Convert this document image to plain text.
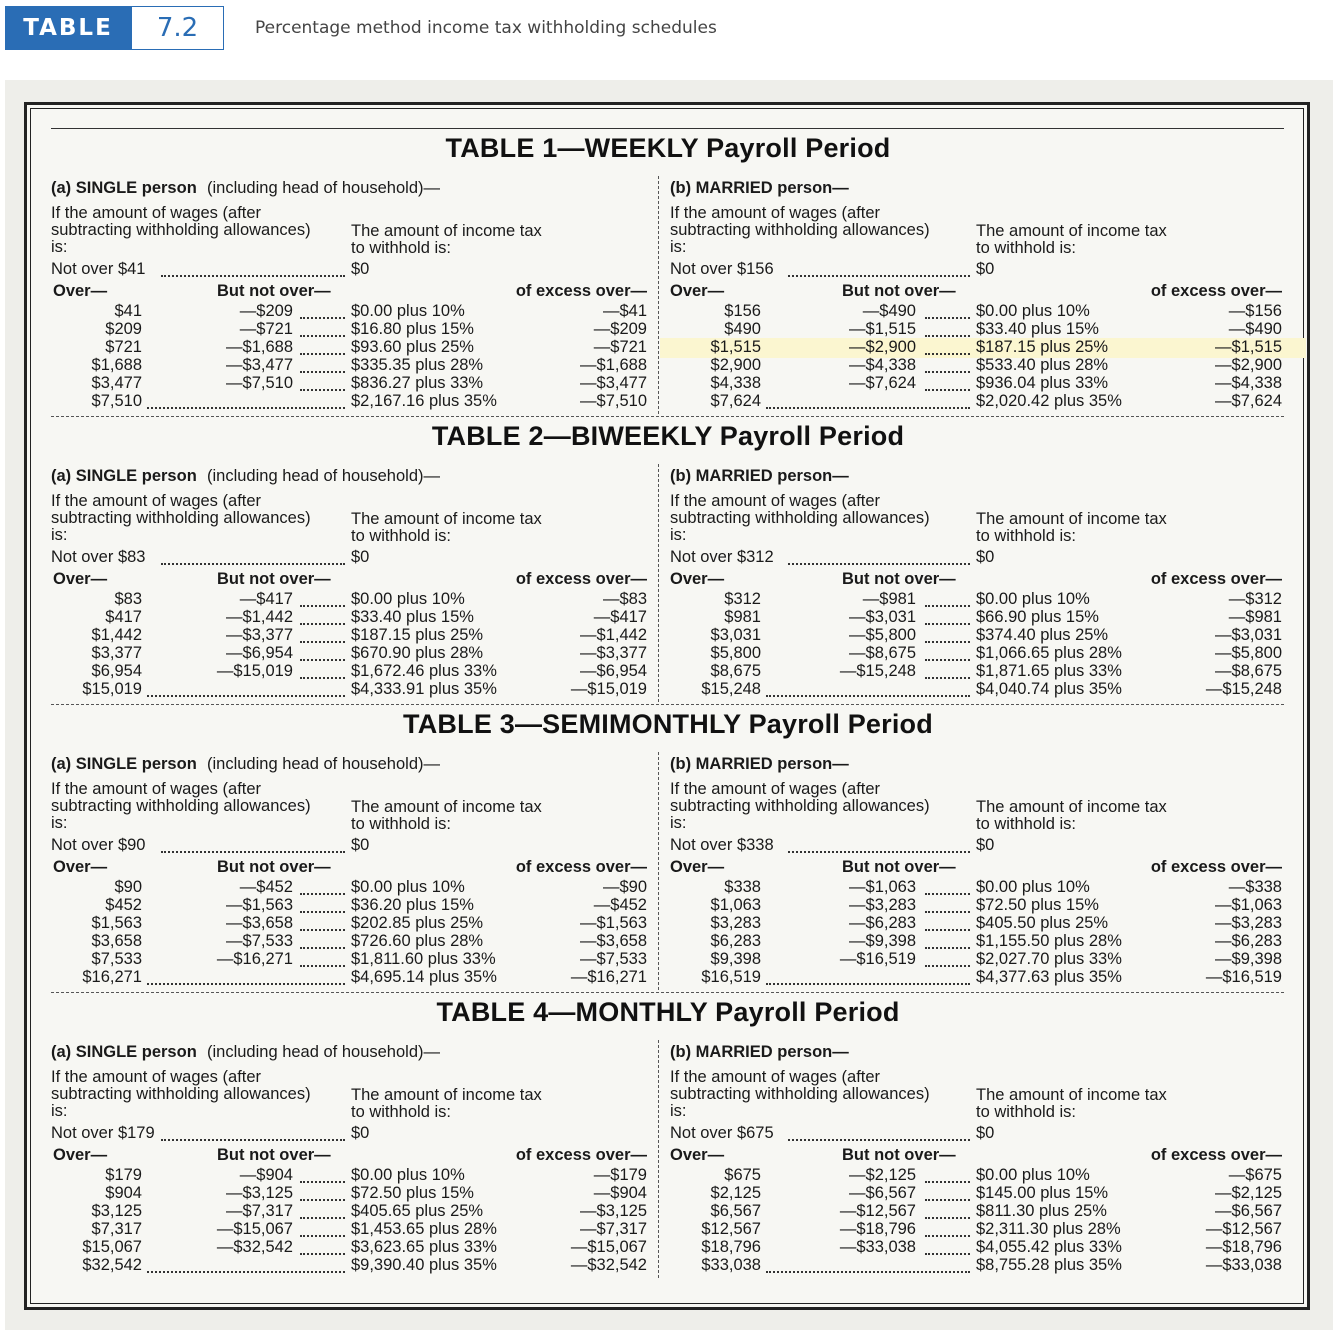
TABLE	7.2	Percentage method income tax withholding schedules
TABLE 1—WEEKLY Payroll Period
(a) SINGLE person (including head of household)—
If the amount of wages (after
subtracting withholding allowances)
is:
The amount of income tax
to withhold is:
Not over $41	$0
Over—	But not over—	of excess over—
$41	—$209	$0.00 plus 10%	—$41
$209	—$721	$16.80 plus 15%	—$209
$721	—$1,688	$93.60 plus 25%	—$721
$1,688	—$3,477	$335.35 plus 28%	—$1,688
$3,477	—$7,510	$836.27 plus 33%	—$3,477
$7,510	$2,167.16 plus 35%	—$7,510
(b) MARRIED person—
If the amount of wages (after
subtracting withholding allowances)
is:
The amount of income tax
to withhold is:
Not over $156	$0
Over—	But not over—	of excess over—
$156	—$490	$0.00 plus 10%	—$156
$490	—$1,515	$33.40 plus 15%	—$490
$1,515	—$2,900	$187.15 plus 25%	—$1,515
$2,900	—$4,338	$533.40 plus 28%	—$2,900
$4,338	—$7,624	$936.04 plus 33%	—$4,338
$7,624	$2,020.42 plus 35%	—$7,624
TABLE 2—BIWEEKLY Payroll Period
(a) SINGLE person (including head of household)—
If the amount of wages (after
subtracting withholding allowances)
is:
The amount of income tax
to withhold is:
Not over $83	$0
Over—	But not over—	of excess over—
$83	—$417	$0.00 plus 10%	—$83
$417	—$1,442	$33.40 plus 15%	—$417
$1,442	—$3,377	$187.15 plus 25%	—$1,442
$3,377	—$6,954	$670.90 plus 28%	—$3,377
$6,954	—$15,019	$1,672.46 plus 33%	—$6,954
$15,019	$4,333.91 plus 35%	—$15,019
(b) MARRIED person—
If the amount of wages (after
subtracting withholding allowances)
is:
The amount of income tax
to withhold is:
Not over $312	$0
Over—	But not over—	of excess over—
$312	—$981	$0.00 plus 10%	—$312
$981	—$3,031	$66.90 plus 15%	—$981
$3,031	—$5,800	$374.40 plus 25%	—$3,031
$5,800	—$8,675	$1,066.65 plus 28%	—$5,800
$8,675	—$15,248	$1,871.65 plus 33%	—$8,675
$15,248	$4,040.74 plus 35%	—$15,248
TABLE 3—SEMIMONTHLY Payroll Period
(a) SINGLE person (including head of household)—
If the amount of wages (after
subtracting withholding allowances)
is:
The amount of income tax
to withhold is:
Not over $90	$0
Over—	But not over—	of excess over—
$90	—$452	$0.00 plus 10%	—$90
$452	—$1,563	$36.20 plus 15%	—$452
$1,563	—$3,658	$202.85 plus 25%	—$1,563
$3,658	—$7,533	$726.60 plus 28%	—$3,658
$7,533	—$16,271	$1,811.60 plus 33%	—$7,533
$16,271	$4,695.14 plus 35%	—$16,271
(b) MARRIED person—
If the amount of wages (after
subtracting withholding allowances)
is:
The amount of income tax
to withhold is:
Not over $338	$0
Over—	But not over—	of excess over—
$338	—$1,063	$0.00 plus 10%	—$338
$1,063	—$3,283	$72.50 plus 15%	—$1,063
$3,283	—$6,283	$405.50 plus 25%	—$3,283
$6,283	—$9,398	$1,155.50 plus 28%	—$6,283
$9,398	—$16,519	$2,027.70 plus 33%	—$9,398
$16,519	$4,377.63 plus 35%	—$16,519
TABLE 4—MONTHLY Payroll Period
(a) SINGLE person (including head of household)—
If the amount of wages (after
subtracting withholding allowances)
is:
The amount of income tax
to withhold is:
Not over $179	$0
Over—	But not over—	of excess over—
$179	—$904	$0.00 plus 10%	—$179
$904	—$3,125	$72.50 plus 15%	—$904
$3,125	—$7,317	$405.65 plus 25%	—$3,125
$7,317	—$15,067	$1,453.65 plus 28%	—$7,317
$15,067	—$32,542	$3,623.65 plus 33%	—$15,067
$32,542	$9,390.40 plus 35%	—$32,542
(b) MARRIED person—
If the amount of wages (after
subtracting withholding allowances)
is:
The amount of income tax
to withhold is:
Not over $675	$0
Over—	But not over—	of excess over—
$675	—$2,125	$0.00 plus 10%	—$675
$2,125	—$6,567	$145.00 plus 15%	—$2,125
$6,567	—$12,567	$811.30 plus 25%	—$6,567
$12,567	—$18,796	$2,311.30 plus 28%	—$12,567
$18,796	—$33,038	$4,055.42 plus 33%	—$18,796
$33,038	$8,755.28 plus 35%	—$33,038
